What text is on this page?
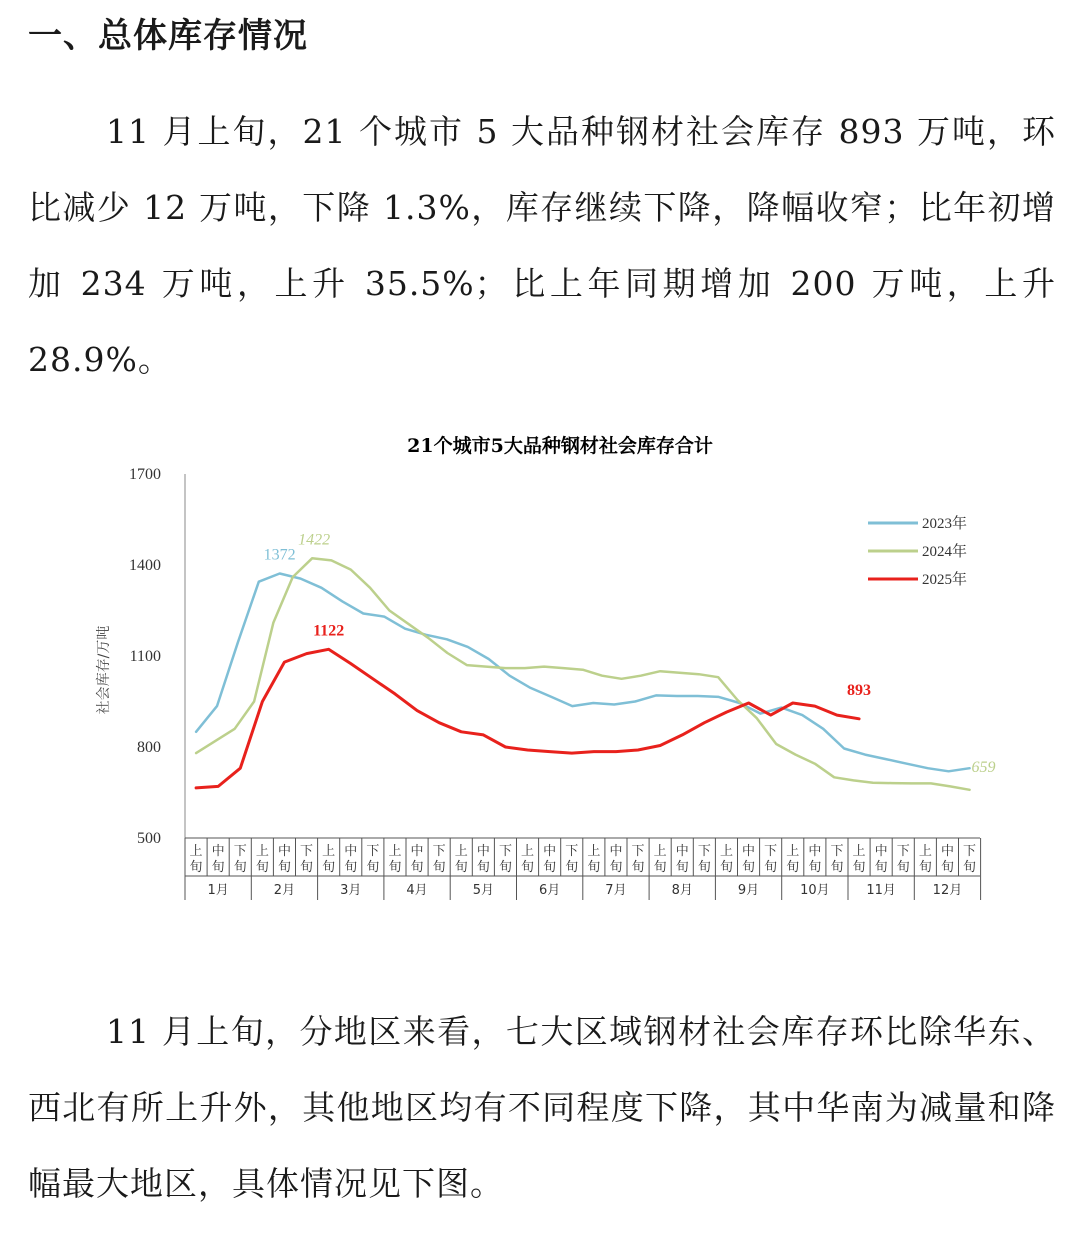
一、总体库存情况
11 月上旬，21 个城市 5 大品种钢材社会库存 893 万吨，环比减少 12 万吨，下降 1.3%，库存继续下降，降幅收窄；比年初增加 234 万吨，上升 35.5%；比上年同期增加 200 万吨，上升 28.9%。
21个城市5大品种钢材社会库存合计
社会库存/万吨
500
800
1100
1400
1700
上
旬
中
旬
下
旬
上
旬
中
旬
下
旬
上
旬
中
旬
下
旬
上
旬
中
旬
下
旬
上
旬
中
旬
下
旬
上
旬
中
旬
下
旬
上
旬
中
旬
下
旬
上
旬
中
旬
下
旬
上
旬
中
旬
下
旬
上
旬
中
旬
下
旬
上
旬
中
旬
下
旬
上
旬
中
旬
下
旬
1月	2月	3月	4月	5月	6月	7月	8月	9月	10月	11月	12月
1372
1422
659
1122
893
2023年
2024年
2025年
11 月上旬，分地区来看，七大区域钢材社会库存环比除华东、西北有所上升外，其他地区均有不同程度下降，其中华南为减量和降幅最大地区，具体情况见下图。
